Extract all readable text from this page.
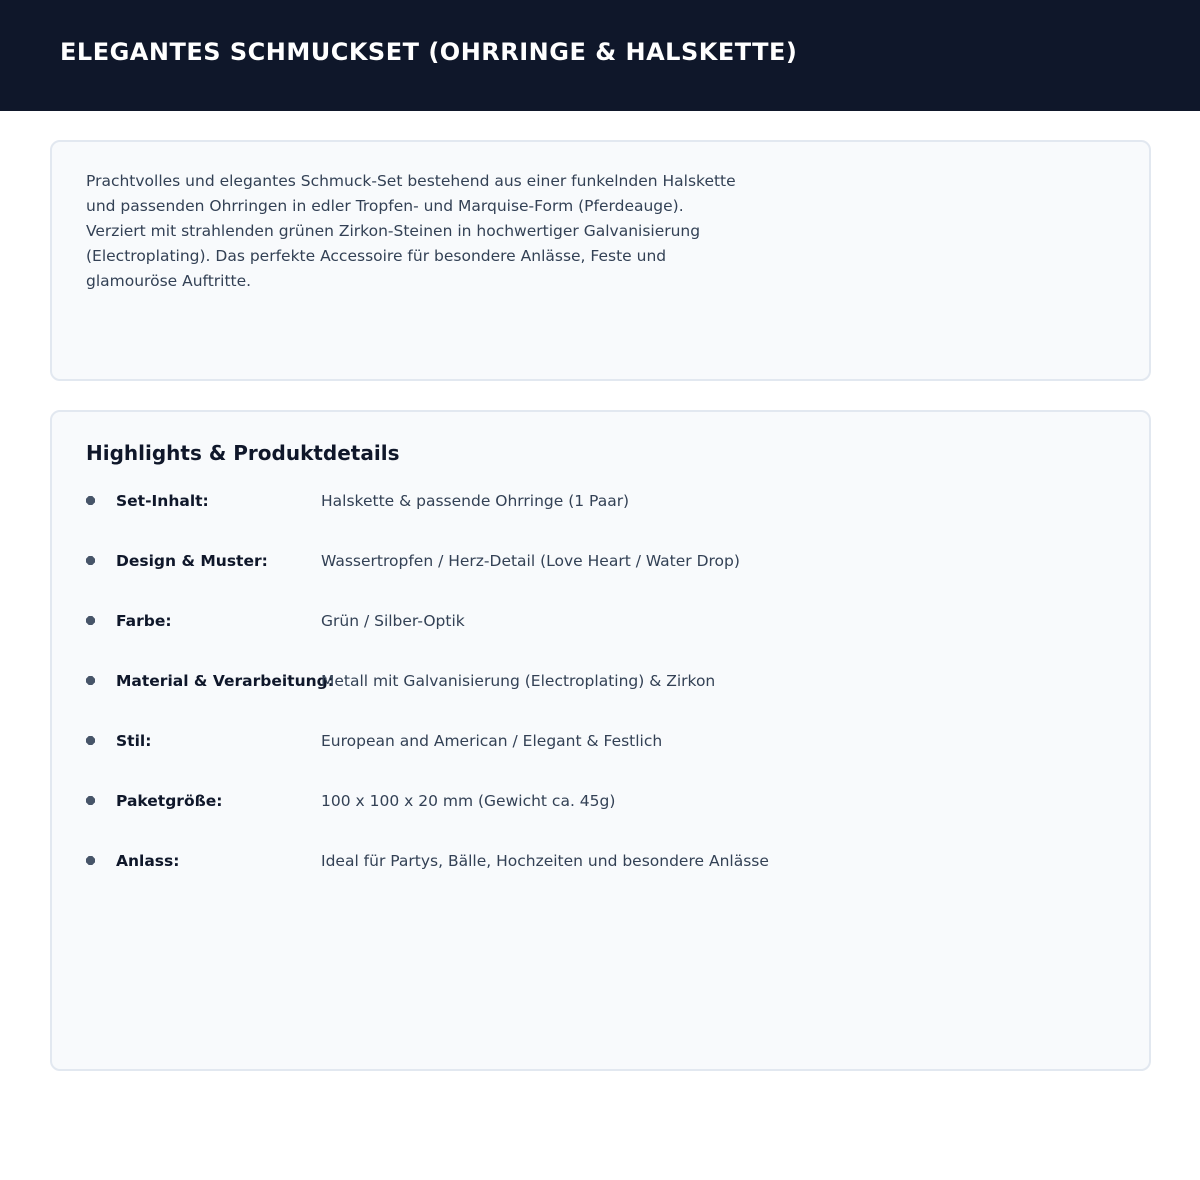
ELEGANTES SCHMUCKSET (OHRRINGE & HALSKETTE)
Prachtvolles und elegantes Schmuck-Set bestehend aus einer funkelnden Halskette
und passenden Ohrringen in edler Tropfen- und Marquise-Form (Pferdeauge).
Verziert mit strahlenden grünen Zirkon-Steinen in hochwertiger Galvanisierung
(Electroplating). Das perfekte Accessoire für besondere Anlässe, Feste und
glamouröse Auftritte.
Highlights & Produktdetails
Set-Inhalt:	Halskette & passende Ohrringe (1 Paar)
Design & Muster:	Wassertropfen / Herz-Detail (Love Heart / Water Drop)
Farbe:	Grün / Silber-Optik
Material & Verarbeitung:
Metall mit Galvanisierung (Electroplating) & Zirkon
Stil:	European and American / Elegant & Festlich
Paketgröße:	100 x 100 x 20 mm (Gewicht ca. 45g)
Anlass:	Ideal für Partys, Bälle, Hochzeiten und besondere Anlässe
